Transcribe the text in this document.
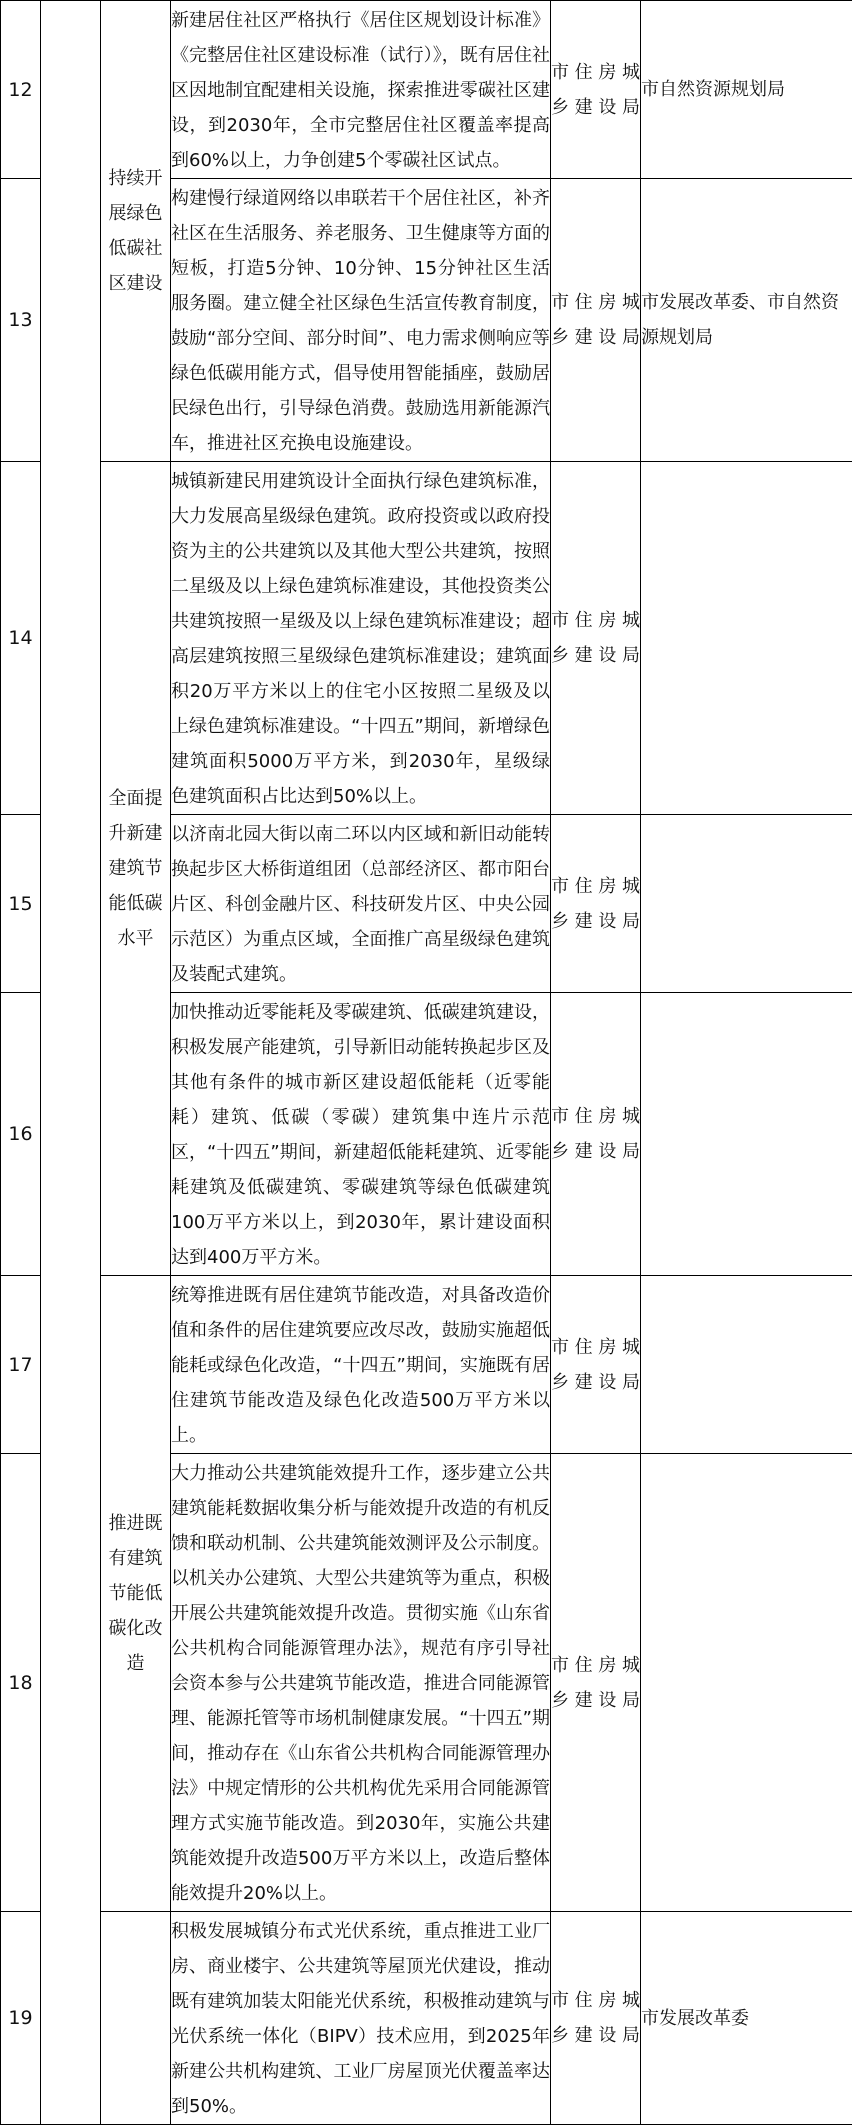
12		持续开展绿色低碳社区建设	新建居住社区严格执行《居住区规划设计标准》《完整居住社区建设标准（试行）》，既有居住社区因地制宜配建相关设施，探索推进零碳社区建设，到2030年，全市完整居住社区覆盖率提高到60%以上，力争创建5个零碳社区试点。	市住房城乡建设局	市自然资源规划局
13			构建慢行绿道网络以串联若干个居住社区，补齐社区在生活服务、养老服务、卫生健康等方面的短板，打造5分钟、10分钟、15分钟社区生活服务圈。建立健全社区绿色生活宣传教育制度，鼓励“部分空间、部分时间”、电力需求侧响应等绿色低碳用能方式，倡导使用智能插座，鼓励居民绿色出行，引导绿色消费。鼓励选用新能源汽车，推进社区充换电设施建设。	市住房城乡建设局	市发展改革委、市自然资源规划局
14		全面提升新建建筑节能低碳水平	城镇新建民用建筑设计全面执行绿色建筑标准，大力发展高星级绿色建筑。政府投资或以政府投资为主的公共建筑以及其他大型公共建筑，按照二星级及以上绿色建筑标准建设，其他投资类公共建筑按照一星级及以上绿色建筑标准建设；超高层建筑按照三星级绿色建筑标准建设；建筑面积20万平方米以上的住宅小区按照二星级及以上绿色建筑标准建设。“十四五”期间，新增绿色建筑面积5000万平方米，到2030年，星级绿色建筑面积占比达到50%以上。	市住房城乡建设局	
15			以济南北园大街以南二环以内区域和新旧动能转换起步区大桥街道组团（总部经济区、都市阳台片区、科创金融片区、科技研发片区、中央公园示范区）为重点区域，全面推广高星级绿色建筑及装配式建筑。	市住房城乡建设局	
16			加快推动近零能耗及零碳建筑、低碳建筑建设，积极发展产能建筑，引导新旧动能转换起步区及其他有条件的城市新区建设超低能耗（近零能耗）建筑、低碳（零碳）建筑集中连片示范区，“十四五”期间，新建超低能耗建筑、近零能耗建筑及低碳建筑、零碳建筑等绿色低碳建筑100万平方米以上，到2030年，累计建设面积达到400万平方米。	市住房城乡建设局	
17		推进既有建筑节能低碳化改造	统筹推进既有居住建筑节能改造，对具备改造价值和条件的居住建筑要应改尽改，鼓励实施超低能耗或绿色化改造，“十四五”期间，实施既有居住建筑节能改造及绿色化改造500万平方米以上。	市住房城乡建设局	
18			大力推动公共建筑能效提升工作，逐步建立公共建筑能耗数据收集分析与能效提升改造的有机反馈和联动机制、公共建筑能效测评及公示制度。以机关办公建筑、大型公共建筑等为重点，积极开展公共建筑能效提升改造。贯彻实施《山东省公共机构合同能源管理办法》，规范有序引导社会资本参与公共建筑节能改造，推进合同能源管理、能源托管等市场机制健康发展。“十四五”期间，推动存在《山东省公共机构合同能源管理办法》中规定情形的公共机构优先采用合同能源管理方式实施节能改造。到2030年，实施公共建筑能效提升改造500万平方米以上，改造后整体能效提升20%以上。	市住房城乡建设局	
19			积极发展城镇分布式光伏系统，重点推进工业厂房、商业楼宇、公共建筑等屋顶光伏建设，推动既有建筑加装太阳能光伏系统，积极推动建筑与光伏系统一体化（BIPV）技术应用，到2025年新建公共机构建筑、工业厂房屋顶光伏覆盖率达到50%。	市住房城乡建设局	市发展改革委
